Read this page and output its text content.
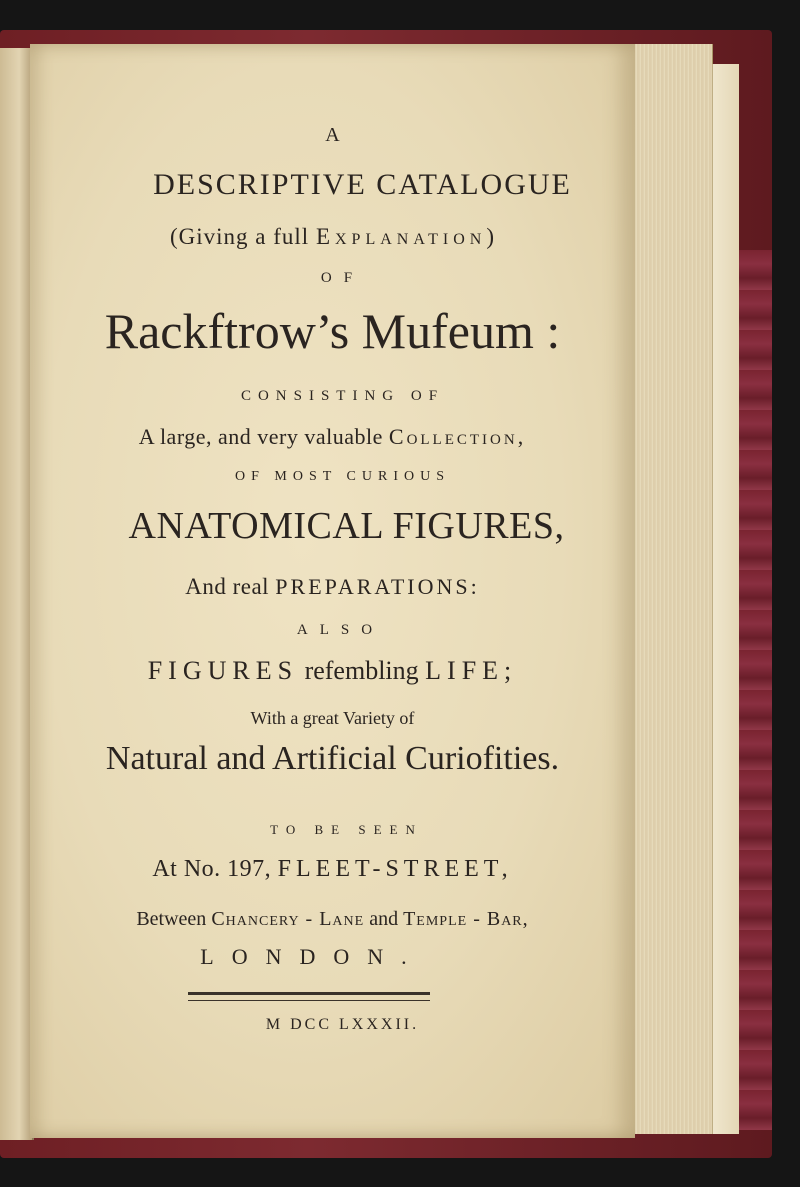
A
DESCRIPTIVE CATALOGUE
(Giving a full Explanation)
OF
Rackftrow’s Mufeum :
CONSISTING OF
A large, and very valuable Collection,
OF MOST CURIOUS
ANATOMICAL FIGURES,
And real PREPARATIONS:
ALSO
FIGURES refembling LIFE;
With a great Variety of
Natural and Artificial Curiofities.
TO BE SEEN
At No. 197, FLEET-STREET,
Between Chancery - Lane and Temple - Bar,
LONDON.
M DCC LXXXII.
